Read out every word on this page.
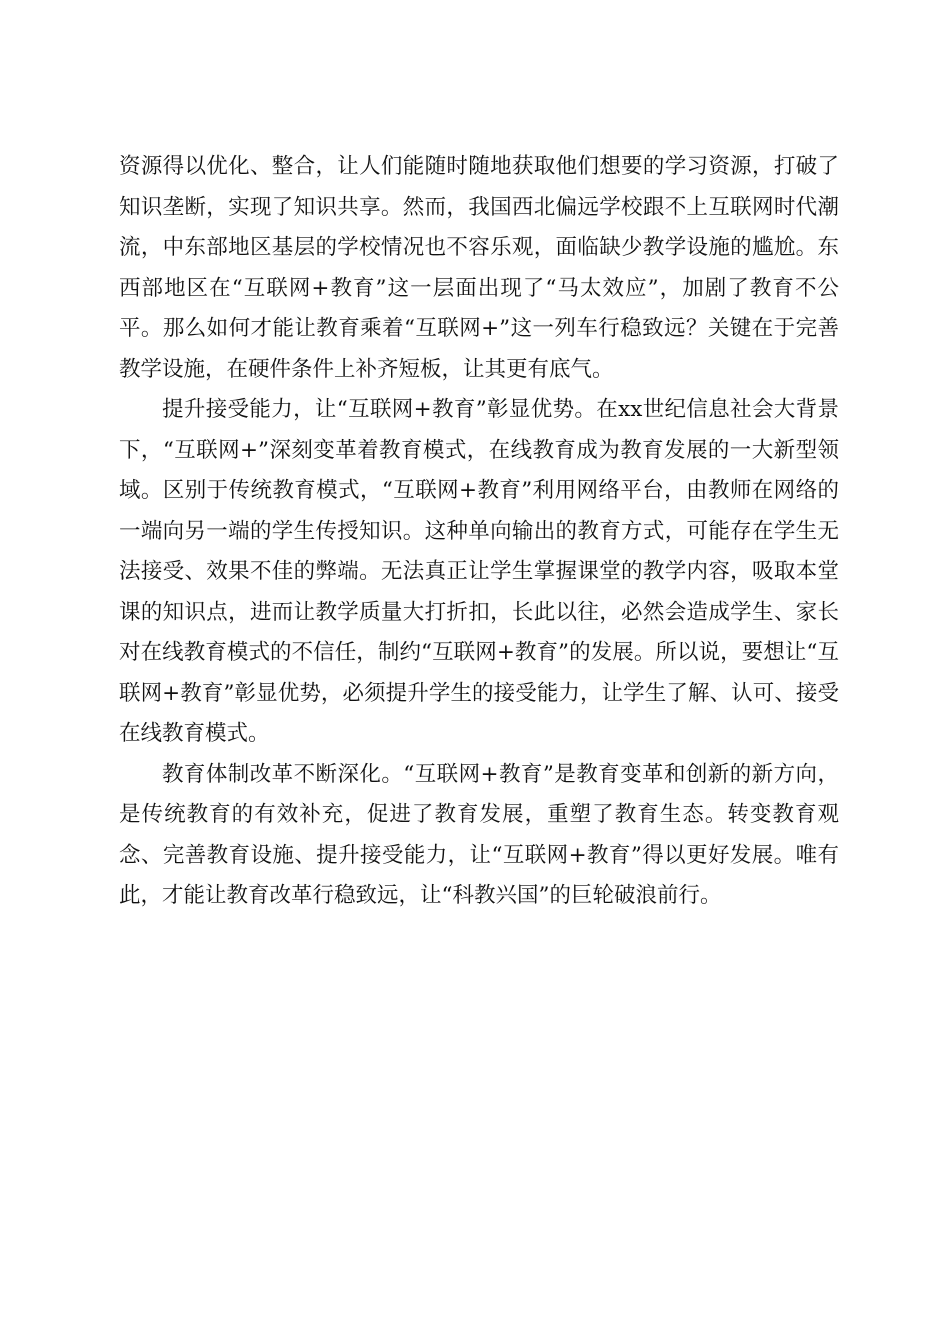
资源得以优化、整合，让人们能随时随地获取他们想要的学习资源，打破了知识垄断，实现了知识共享。然而，我国西北偏远学校跟不上互联网时代潮流，中东部地区基层的学校情况也不容乐观，面临缺少教学设施的尴尬。东西部地区在“互联网+教育”这一层面出现了“马太效应”，加剧了教育不公平。那么如何才能让教育乘着“互联网+”这一列车行稳致远？关键在于完善教学设施，在硬件条件上补齐短板，让其更有底气。

提升接受能力，让“互联网+教育”彰显优势。在xx世纪信息社会大背景下，“互联网+”深刻变革着教育模式，在线教育成为教育发展的一大新型领域。区别于传统教育模式，“互联网+教育”利用网络平台，由教师在网络的一端向另一端的学生传授知识。这种单向输出的教育方式，可能存在学生无法接受、效果不佳的弊端。无法真正让学生掌握课堂的教学内容，吸取本堂课的知识点，进而让教学质量大打折扣，长此以往，必然会造成学生、家长对在线教育模式的不信任，制约“互联网+教育”的发展。所以说，要想让“互联网+教育”彰显优势，必须提升学生的接受能力，让学生了解、认可、接受在线教育模式。

教育体制改革不断深化。“互联网+教育”是教育变革和创新的新方向，是传统教育的有效补充，促进了教育发展，重塑了教育生态。转变教育观念、完善教育设施、提升接受能力，让“互联网+教育”得以更好发展。唯有此，才能让教育改革行稳致远，让“科教兴国”的巨轮破浪前行。
